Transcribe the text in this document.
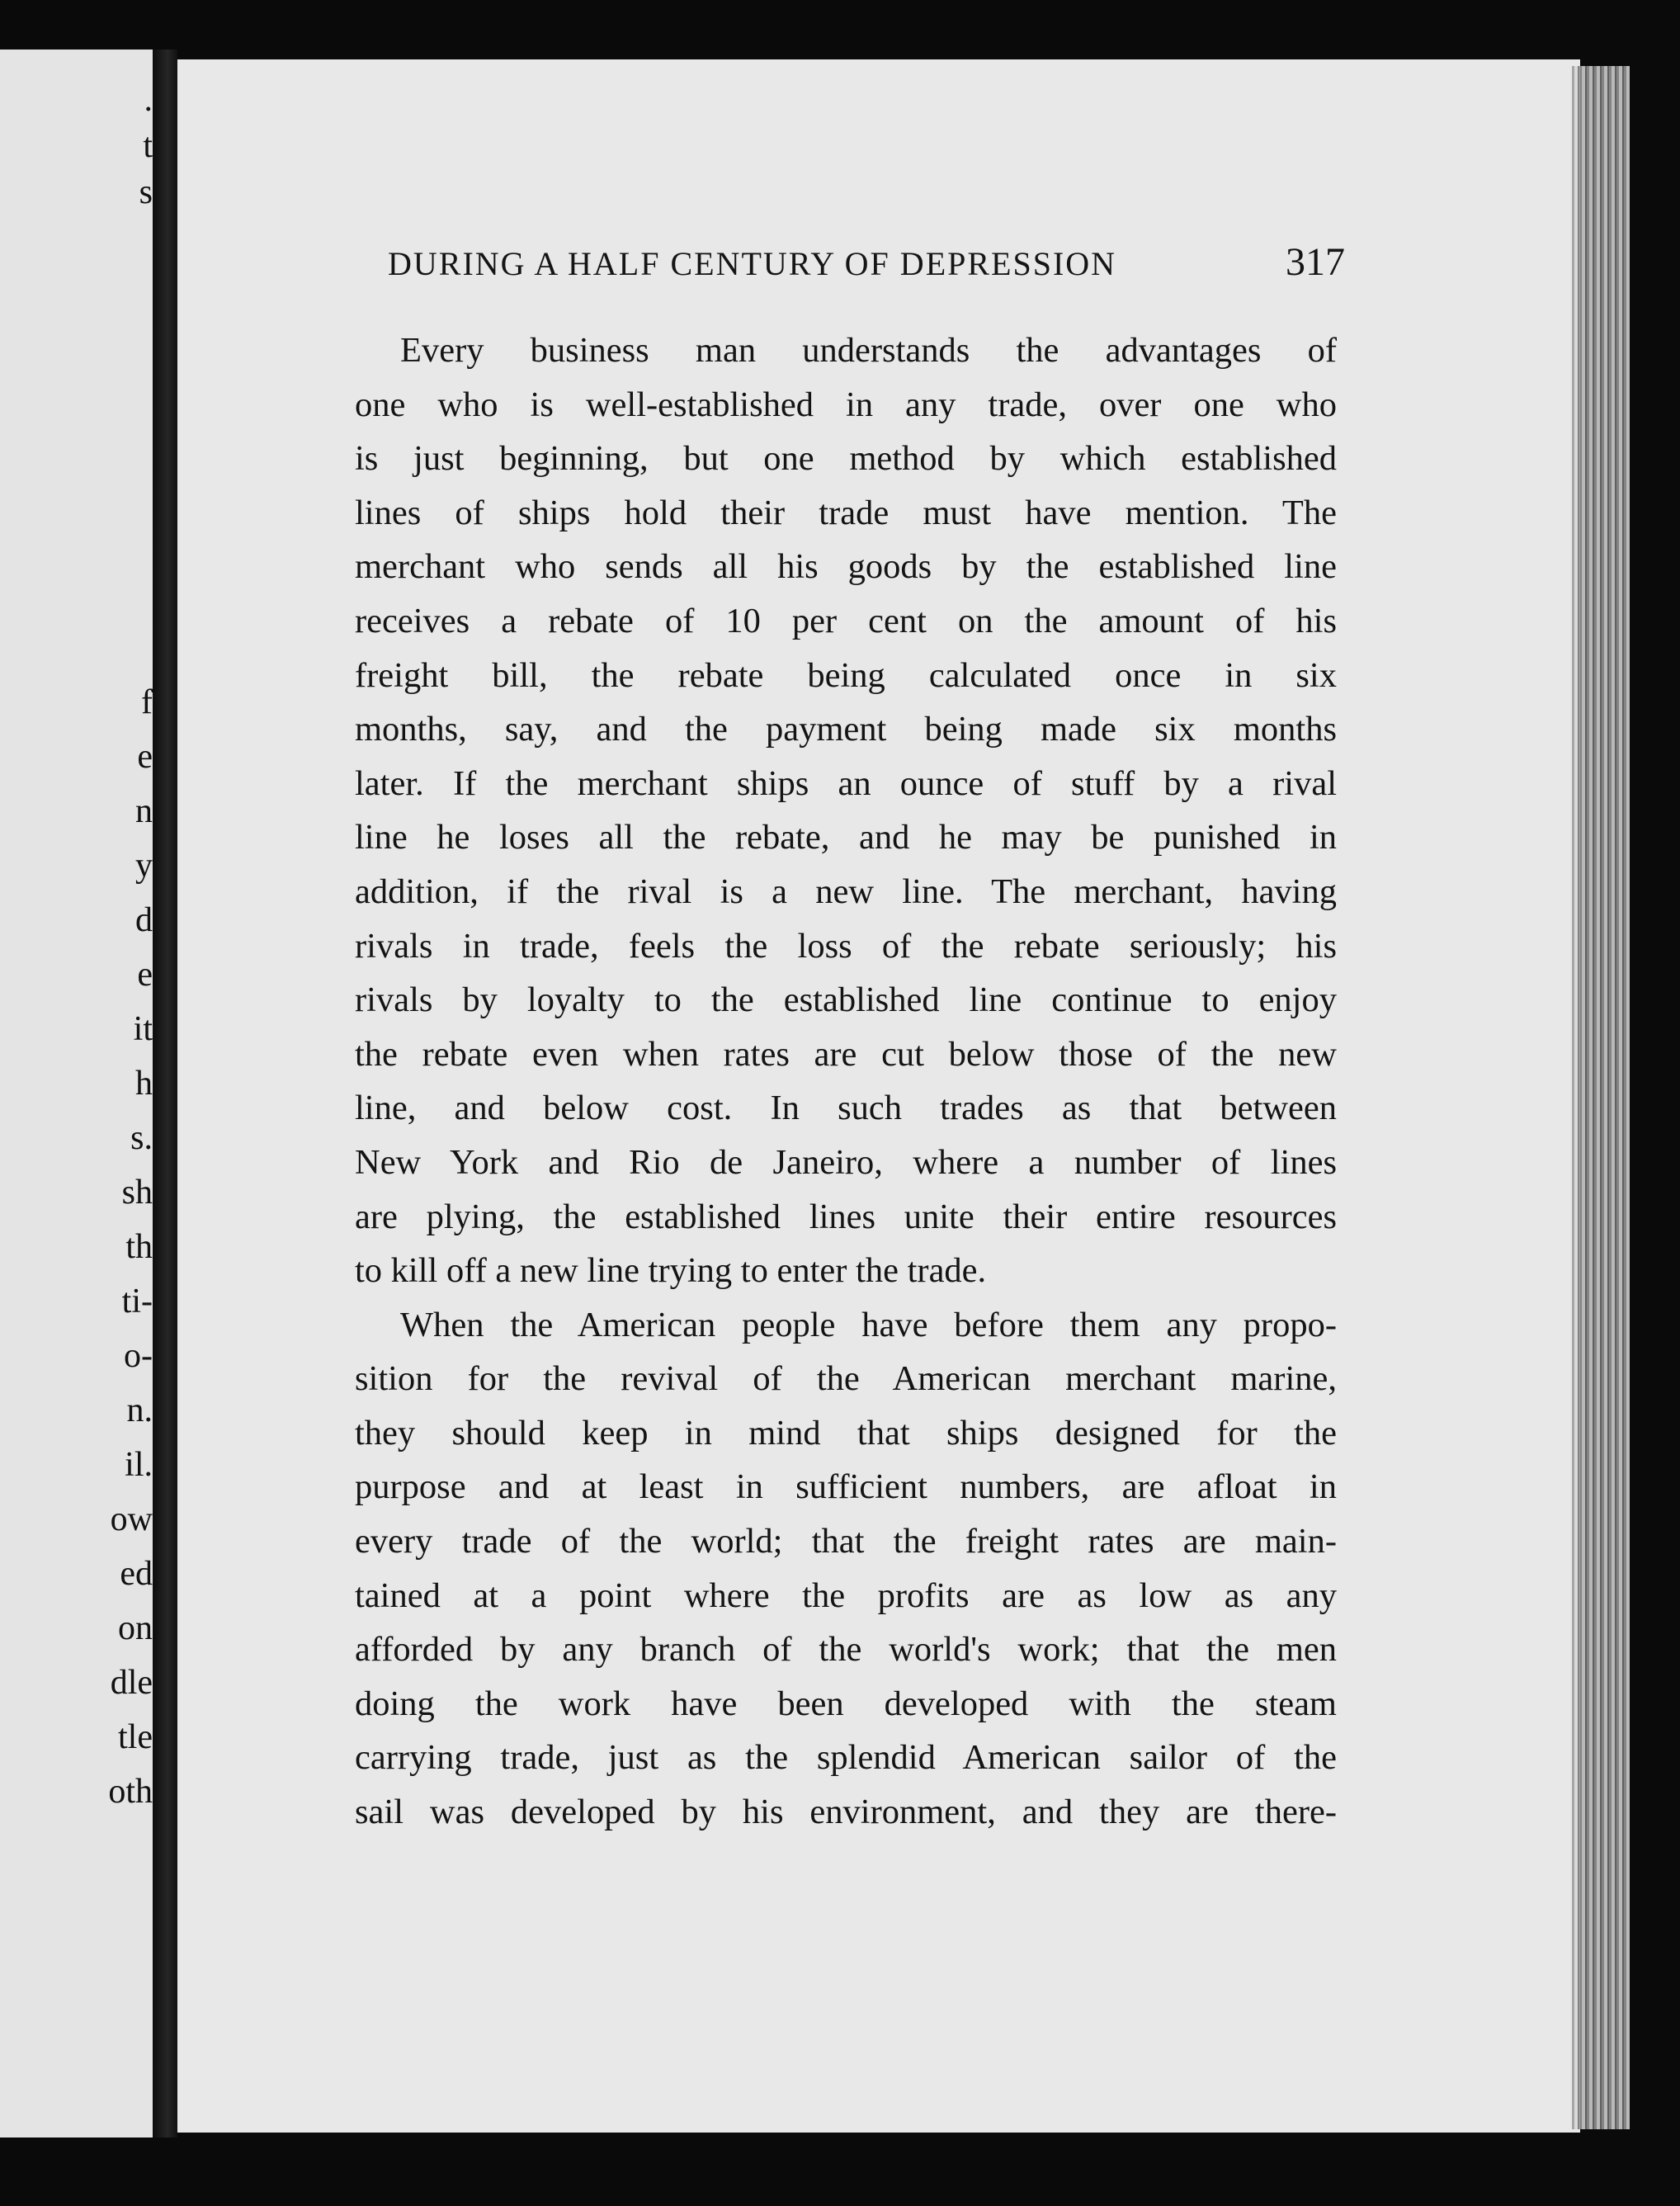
.
t
s
f
e
n
y
d
e
it
h
s.
sh
th
ti-
o-
n.
il.
ow
ed
on
dle
tle
oth
DURING A HALF CENTURY OF DEPRESSION	317
Every business man understands the advantages of
one who is well-established in any trade, over one who
is just beginning, but one method by which established
lines of ships hold their trade must have mention. The
merchant who sends all his goods by the established line
receives a rebate of 10 per cent on the amount of his
freight bill, the rebate being calculated once in six
months, say, and the payment being made six months
later. If the merchant ships an ounce of stuff by a rival
line he loses all the rebate, and he may be punished in
addition, if the rival is a new line. The merchant, having
rivals in trade, feels the loss of the rebate seriously; his
rivals by loyalty to the established line continue to enjoy
the rebate even when rates are cut below those of the new
line, and below cost. In such trades as that between
New York and Rio de Janeiro, where a number of lines
are plying, the established lines unite their entire resources
to kill off a new line trying to enter the trade.
When the American people have before them any propo-
sition for the revival of the American merchant marine,
they should keep in mind that ships designed for the
purpose and at least in sufficient numbers, are afloat in
every trade of the world; that the freight rates are main-
tained at a point where the profits are as low as any
afforded by any branch of the world's work; that the men
doing the work have been developed with the steam
carrying trade, just as the splendid American sailor of the
sail was developed by his environment, and they are there-
